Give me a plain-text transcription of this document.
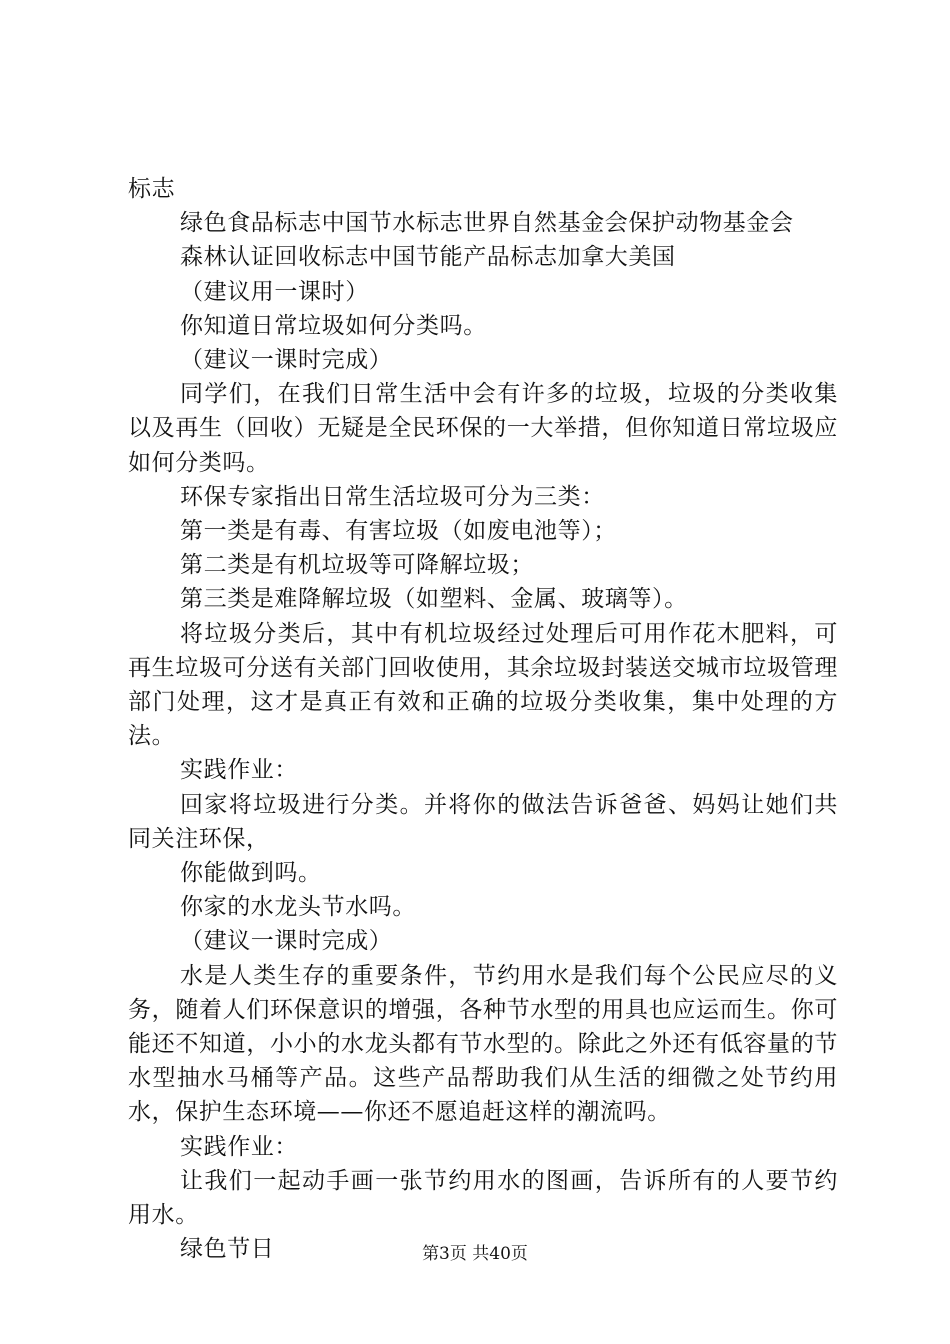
标志

绿色食品标志中国节水标志世界自然基金会保护动物基金会

森林认证回收标志中国节能产品标志加拿大美国

（建议用一课时）

你知道日常垃圾如何分类吗。

（建议一课时完成）

同学们，在我们日常生活中会有许多的垃圾，垃圾的分类收集以及再生（回收）无疑是全民环保的一大举措，但你知道日常垃圾应如何分类吗。

环保专家指出日常生活垃圾可分为三类：

第一类是有毒、有害垃圾（如废电池等）；

第二类是有机垃圾等可降解垃圾；

第三类是难降解垃圾（如塑料、金属、玻璃等）。

将垃圾分类后，其中有机垃圾经过处理后可用作花木肥料，可再生垃圾可分送有关部门回收使用，其余垃圾封装送交城市垃圾管理部门处理，这才是真正有效和正确的垃圾分类收集，集中处理的方法。

实践作业：

回家将垃圾进行分类。并将你的做法告诉爸爸、妈妈让她们共同关注环保，

你能做到吗。

你家的水龙头节水吗。

（建议一课时完成）

水是人类生存的重要条件，节约用水是我们每个公民应尽的义务，随着人们环保意识的增强，各种节水型的用具也应运而生。你可能还不知道，小小的水龙头都有节水型的。除此之外还有低容量的节水型抽水马桶等产品。这些产品帮助我们从生活的细微之处节约用水，保护生态环境——你还不愿追赶这样的潮流吗。

实践作业：

让我们一起动手画一张节约用水的图画，告诉所有的人要节约用水。

绿色节日	第3页 共40页
